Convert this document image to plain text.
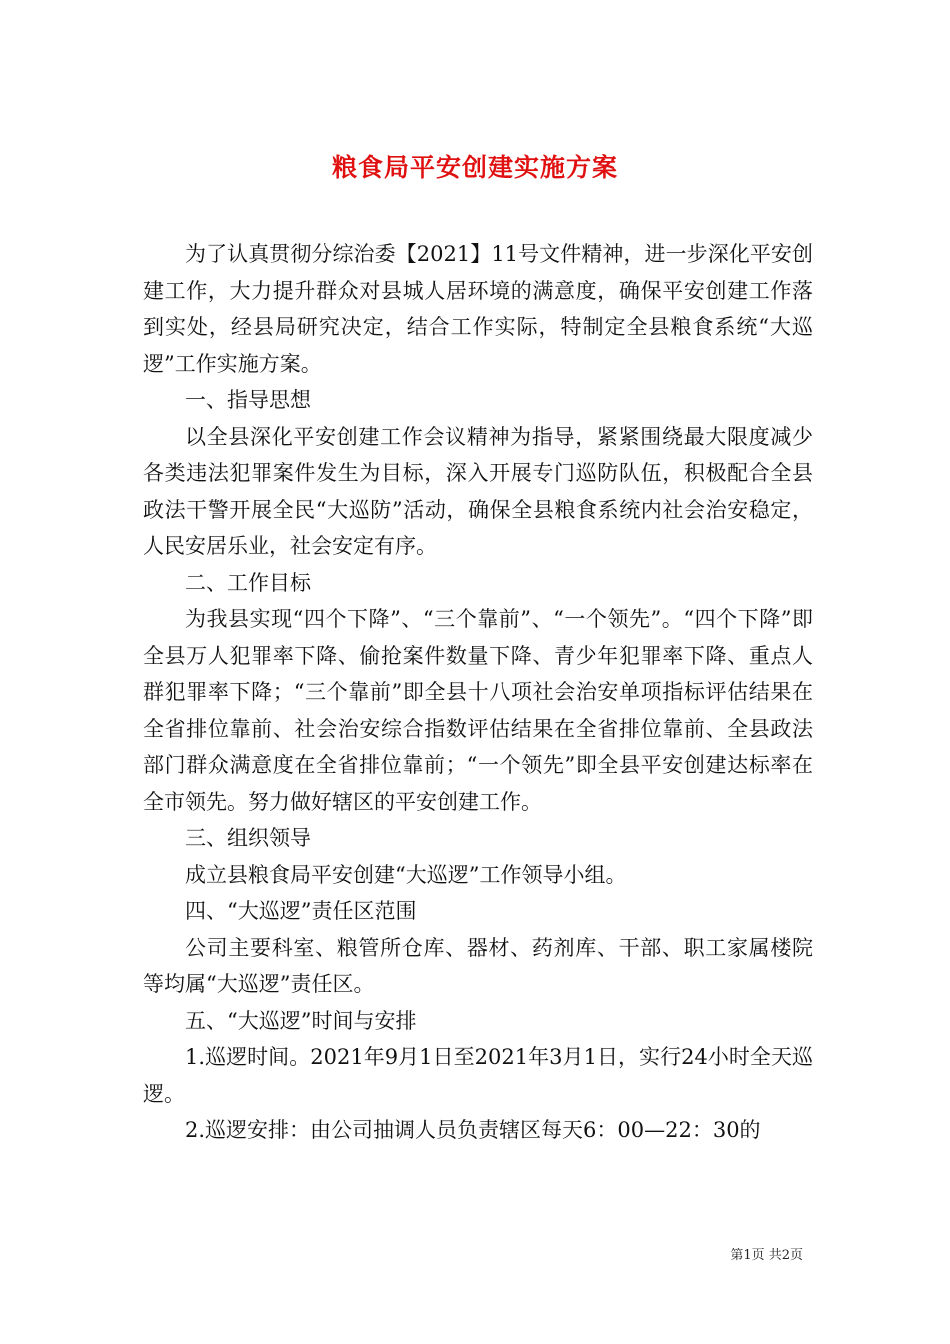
粮食局平安创建实施方案

为了认真贯彻分综治委【2021】11号文件精神，进一步深化平安创建工作，大力提升群众对县城人居环境的满意度，确保平安创建工作落到实处，经县局研究决定，结合工作实际，特制定全县粮食系统“大巡逻”工作实施方案。

一、指导思想

以全县深化平安创建工作会议精神为指导，紧紧围绕最大限度减少各类违法犯罪案件发生为目标，深入开展专门巡防队伍，积极配合全县政法干警开展全民“大巡防”活动，确保全县粮食系统内社会治安稳定，人民安居乐业，社会安定有序。

二、工作目标

为我县实现“四个下降”、“三个靠前”、“一个领先”。“四个下降”即全县万人犯罪率下降、偷抢案件数量下降、青少年犯罪率下降、重点人群犯罪率下降；“三个靠前”即全县十八项社会治安单项指标评估结果在全省排位靠前、社会治安综合指数评估结果在全省排位靠前、全县政法部门群众满意度在全省排位靠前；“一个领先”即全县平安创建达标率在全市领先。努力做好辖区的平安创建工作。

三、组织领导

成立县粮食局平安创建“大巡逻”工作领导小组。

四、“大巡逻”责任区范围

公司主要科室、粮管所仓库、器材、药剂库、干部、职工家属楼院等均属“大巡逻”责任区。

五、“大巡逻”时间与安排

1.巡逻时间。2021年9月1日至2021年3月1日，实行24小时全天巡逻。

2.巡逻安排：由公司抽调人员负责辖区每天6：00—22：30的

第1页 共2页
